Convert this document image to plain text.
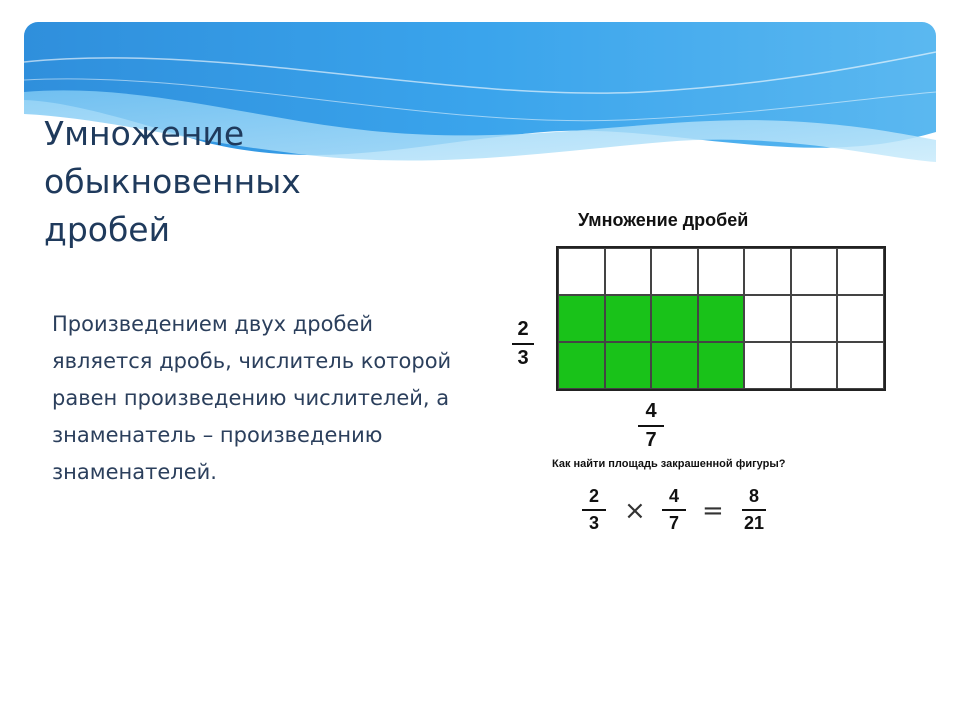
Умножение обыкновенных дробей

Произведением двух дробей является дробь, числитель которой равен произведению числителей, а знаменатель – произведению знаменателей.

Умножение дробей
2
3
4
7
Как найти площадь закрашенной фигуры?
2
3 × 4
7 = 8
21
